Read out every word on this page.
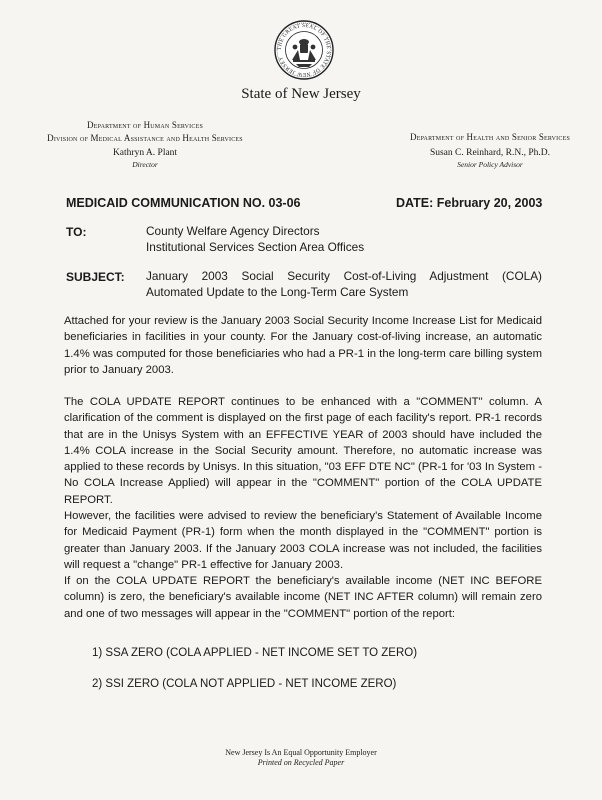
THE GREAT SEAL OF THE STATE OF NEW JERSEY
State of New Jersey
Department of Human Services
Division of Medical Assistance and Health Services	Department of Health and Senior Services
Kathryn A. Plant
Director
Susan C. Reinhard, R.N., Ph.D.
Senior Policy Advisor
MEDICAID COMMUNICATION NO. 03-06	DATE: February 20, 2003
TO:	County Welfare Agency Directors
Institutional Services Section Area Offices
SUBJECT: January 2003 Social Security Cost-of-Living Adjustment (COLA)
Automated Update to the Long-Term Care System
Attached for your review is the January 2003 Social Security Income Increase List for Medicaid beneficiaries in facilities in your county. For the January cost-of-living increase, an automatic 1.4% was computed for those beneficiaries who had a PR-1 in the long-term care billing system prior to January 2003.
The COLA UPDATE REPORT continues to be enhanced with a "COMMENT" column. A clarification of the comment is displayed on the first page of each facility's report. PR-1 records that are in the Unisys System with an EFFECTIVE YEAR of 2003 should have included the 1.4% COLA increase in the Social Security amount. Therefore, no automatic increase was applied to these records by Unisys. In this situation, "03 EFF DTE NC" (PR-1 for '03 In System - No COLA Increase Applied) will appear in the "COMMENT" portion of the COLA UPDATE REPORT.
However, the facilities were advised to review the beneficiary's Statement of Available Income for Medicaid Payment (PR-1) form when the month displayed in the "COMMENT" portion is greater than January 2003. If the January 2003 COLA increase was not included, the facilities will request a "change" PR-1 effective for January 2003.
If on the COLA UPDATE REPORT the beneficiary's available income (NET INC BEFORE column) is zero, the beneficiary's available income (NET INC AFTER column) will remain zero and one of two messages will appear in the "COMMENT" portion of the report:
1) SSA ZERO (COLA APPLIED - NET INCOME SET TO ZERO)
2) SSI ZERO (COLA NOT APPLIED - NET INCOME ZERO)
New Jersey Is An Equal Opportunity Employer
Printed on Recycled Paper
